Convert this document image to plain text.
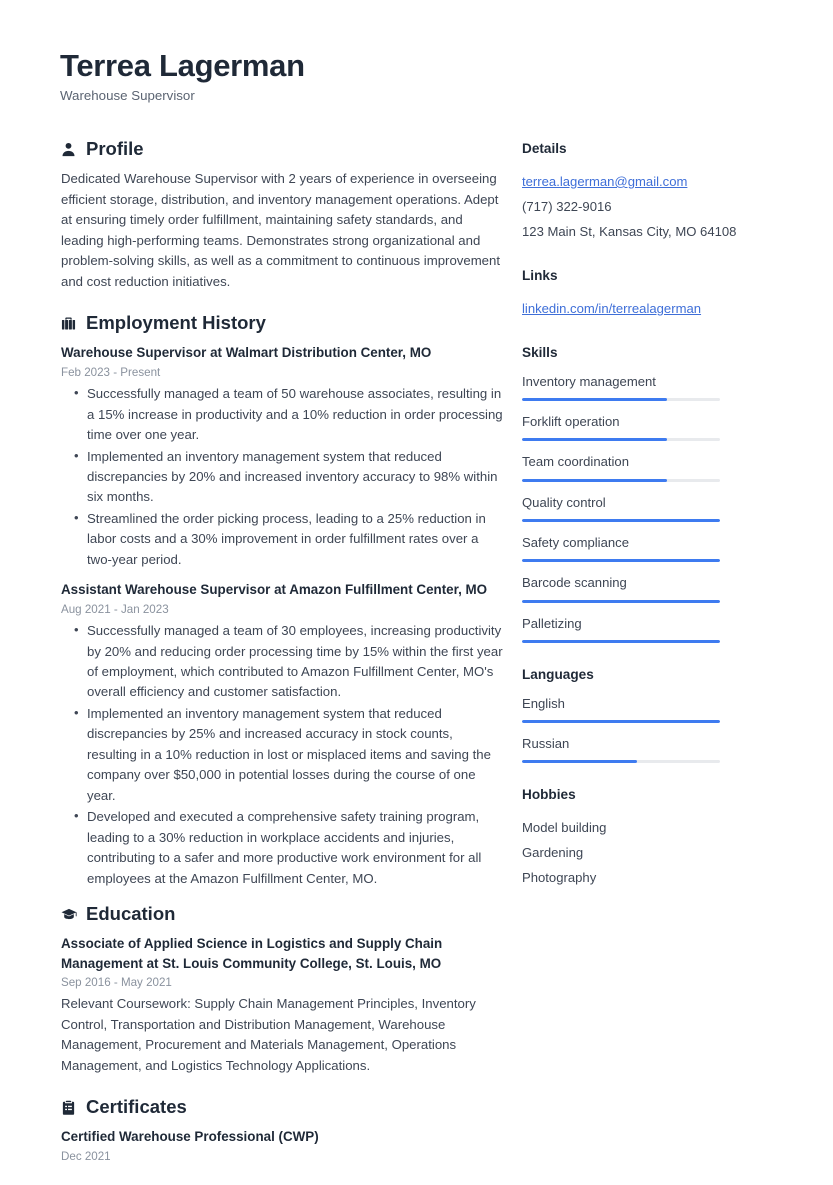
Terrea Lagerman
Warehouse Supervisor
Profile
Dedicated Warehouse Supervisor with 2 years of experience in overseeing efficient storage, distribution, and inventory management operations. Adept at ensuring timely order fulfillment, maintaining safety standards, and leading high-performing teams. Demonstrates strong organizational and problem-solving skills, as well as a commitment to continuous improvement and cost reduction initiatives.
Employment History
Warehouse Supervisor at Walmart Distribution Center, MO
Feb 2023 - Present
• Successfully managed a team of 50 warehouse associates, resulting in a 15% increase in productivity and a 10% reduction in order processing time over one year.
• Implemented an inventory management system that reduced discrepancies by 20% and increased inventory accuracy to 98% within six months.
• Streamlined the order picking process, leading to a 25% reduction in labor costs and a 30% improvement in order fulfillment rates over a two-year period.
Assistant Warehouse Supervisor at Amazon Fulfillment Center, MO
Aug 2021 - Jan 2023
• Successfully managed a team of 30 employees, increasing productivity by 20% and reducing order processing time by 15% within the first year of employment, which contributed to Amazon Fulfillment Center, MO's overall efficiency and customer satisfaction.
• Implemented an inventory management system that reduced discrepancies by 25% and increased accuracy in stock counts, resulting in a 10% reduction in lost or misplaced items and saving the company over $50,000 in potential losses during the course of one year.
• Developed and executed a comprehensive safety training program, leading to a 30% reduction in workplace accidents and injuries, contributing to a safer and more productive work environment for all employees at the Amazon Fulfillment Center, MO.
Education
Associate of Applied Science in Logistics and Supply Chain Management at St. Louis Community College, St. Louis, MO
Sep 2016 - May 2021
Relevant Coursework: Supply Chain Management Principles, Inventory Control, Transportation and Distribution Management, Warehouse Management, Procurement and Materials Management, Operations Management, and Logistics Technology Applications.
Certificates
Certified Warehouse Professional (CWP)
Dec 2021
Details
terrea.lagerman@gmail.com
(717) 322-9016
123 Main St, Kansas City, MO 64108
Links
linkedin.com/in/terrealagerman
Skills
Inventory management
Forklift operation
Team coordination
Quality control
Safety compliance
Barcode scanning
Palletizing
Languages
English
Russian
Hobbies
Model building
Gardening
Photography
